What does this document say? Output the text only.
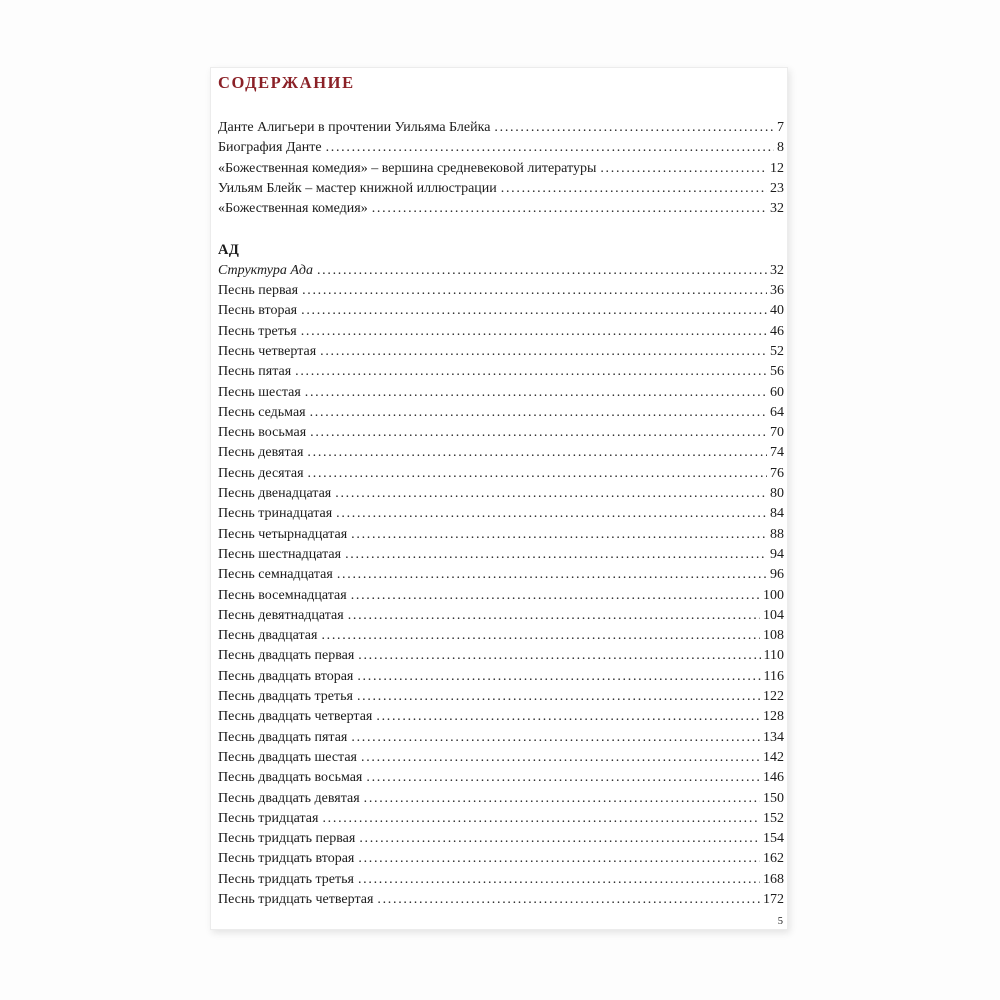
СОДЕРЖАНИЕ
Данте Алигьери в прочтении Уильяма Блейка .....	7
Биография Данте .....	8
«Божественная комедия» – вершина средневековой литературы .....	12
Уильям Блейк – мастер книжной иллюстрации .....	23
«Божественная комедия» .....	32
АД
Структура Ада .....	32
Песнь первая .....	36
Песнь вторая .....	40
Песнь третья .....	46
Песнь четвертая .....	52
Песнь пятая .....	56
Песнь шестая .....	60
Песнь седьмая .....	64
Песнь восьмая .....	70
Песнь девятая .....	74
Песнь десятая .....	76
Песнь двенадцатая .....	80
Песнь тринадцатая .....	84
Песнь четырнадцатая .....	88
Песнь шестнадцатая .....	94
Песнь семнадцатая .....	96
Песнь восемнадцатая .....	100
Песнь девятнадцатая .....	104
Песнь двадцатая .....	108
Песнь двадцать первая .....	110
Песнь двадцать вторая .....	116
Песнь двадцать третья .....	122
Песнь двадцать четвертая .....	128
Песнь двадцать пятая .....	134
Песнь двадцать шестая .....	142
Песнь двадцать восьмая .....	146
Песнь двадцать девятая .....	150
Песнь тридцатая .....	152
Песнь тридцать первая .....	154
Песнь тридцать вторая .....	162
Песнь тридцать третья .....	168
Песнь тридцать четвертая .....	172
5
